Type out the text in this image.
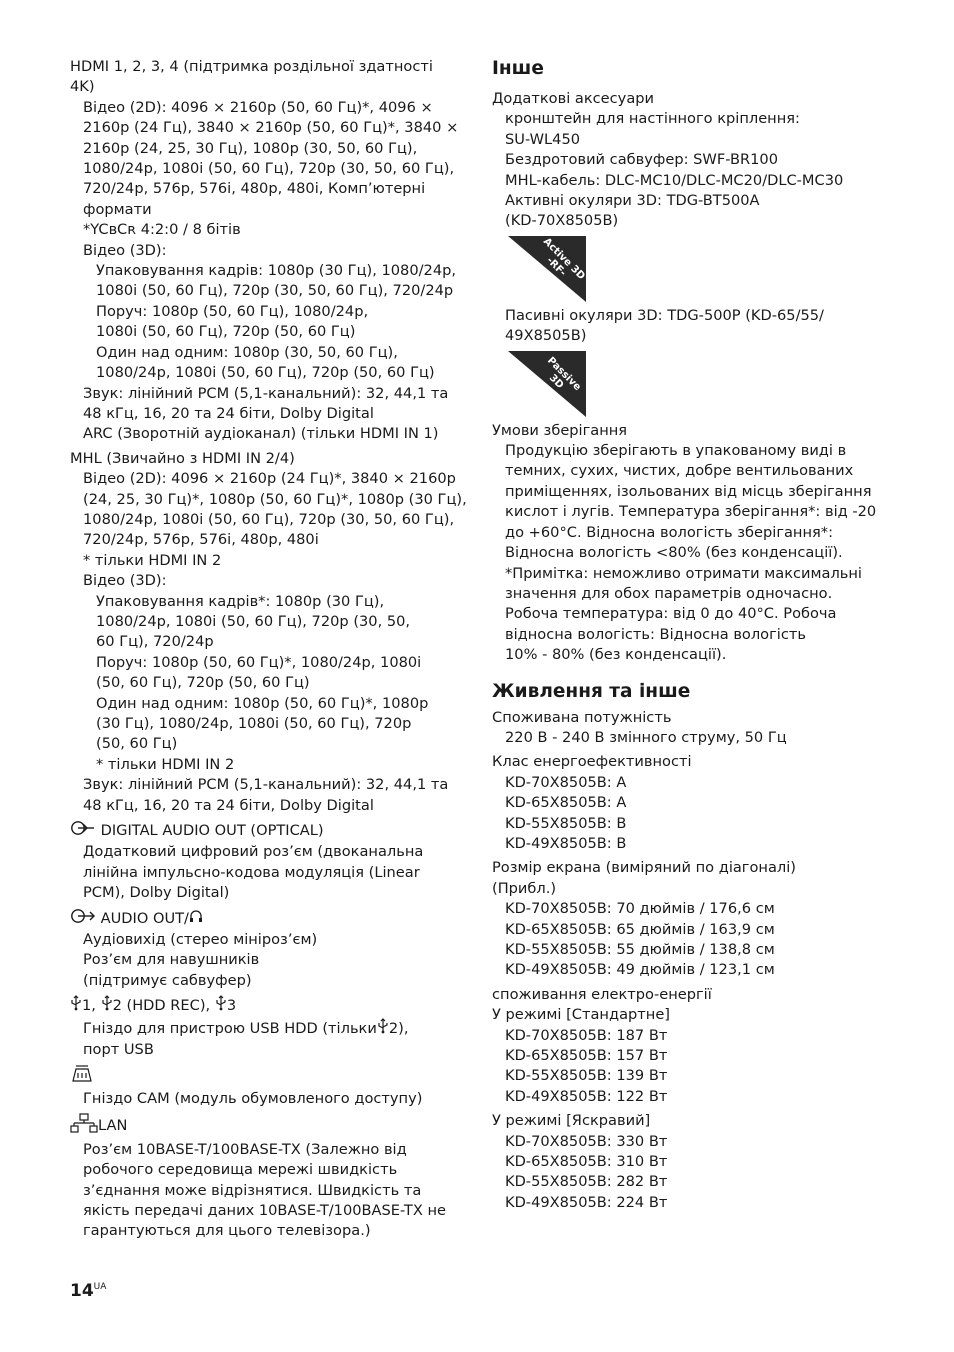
HDMI 1, 2, 3, 4 (підтримка роздільної здатності

4K)

Відео (2D): 4096 × 2160p (50, 60 Гц)*, 4096 ×

2160p (24 Гц), 3840 × 2160p (50, 60 Гц)*, 3840 ×

2160p (24, 25, 30 Гц), 1080p (30, 50, 60 Гц),

1080/24p, 1080i (50, 60 Гц), 720p (30, 50, 60 Гц),

720/24p, 576p, 576i, 480p, 480i, Комп’ютерні

формати

*YCʙCʀ 4:2:0 / 8 бітів

Відео (3D):

Упаковування кадрів: 1080p (30 Гц), 1080/24p,

1080i (50, 60 Гц), 720p (30, 50, 60 Гц), 720/24p

Поруч: 1080p (50, 60 Гц), 1080/24p,

1080i (50, 60 Гц), 720p (50, 60 Гц)

Один над одним: 1080p (30, 50, 60 Гц),

1080/24p, 1080i (50, 60 Гц), 720p (50, 60 Гц)

Звук: лінійний PCM (5,1-канальний): 32, 44,1 та

48 кГц, 16, 20 та 24 біти, Dolby Digital

ARC (Зворотній аудіоканал) (тільки HDMI IN 1)

MHL (Звичайно з HDMI IN 2/4)

Відео (2D): 4096 × 2160p (24 Гц)*, 3840 × 2160p

(24, 25, 30 Гц)*, 1080p (50, 60 Гц)*, 1080p (30 Гц),

1080/24p, 1080i (50, 60 Гц), 720p (30, 50, 60 Гц),

720/24p, 576p, 576i, 480p, 480i

* тільки HDMI IN 2

Відео (3D):

Упаковування кадрів*: 1080p (30 Гц),

1080/24p, 1080i (50, 60 Гц), 720p (30, 50,

60 Гц), 720/24p

Поруч: 1080p (50, 60 Гц)*, 1080/24p, 1080i

(50, 60 Гц), 720p (50, 60 Гц)

Один над одним: 1080p (50, 60 Гц)*, 1080p

(30 Гц), 1080/24p, 1080i (50, 60 Гц), 720p

(50, 60 Гц)

* тільки HDMI IN 2

Звук: лінійний PCM (5,1-канальний): 32, 44,1 та

48 кГц, 16, 20 та 24 біти, Dolby Digital

DIGITAL AUDIO OUT (OPTICAL)

Додатковий цифровий роз’єм (двоканальна

лінійна імпульсно-кодова модуляція (Linear

PCM), Dolby Digital)

AUDIO OUT/

Аудіовихід (стерео мініроз’єм)

Роз’єм для навушників

(підтримує сабвуфер)

1, 2 (HDD REC), 3

Гніздо для пристрою USB HDD (тільки 2),

порт USB

Гніздо CAM (модуль обумовленого доступу)

LAN

Роз’єм 10BASE-T/100BASE-TX (Залежно від

робочого середовища мережі швидкість

з’єднання може відрізнятися. Швидкість та

якість передачі даних 10BASE-T/100BASE-TX не

гарантуються для цього телевізора.)

Інше

Додаткові аксесуари

кронштейн для настінного кріплення:

SU-WL450

Бездротовий сабвуфер: SWF-BR100

MHL-кабель: DLC-MC10/DLC-MC20/DLC-MC30

Активні окуляри 3D: TDG-BT500A

(KD-70X8505B)

Active 3D -RF-

Пасивні окуляри 3D: TDG-500P (KD-65/55/

49X8505B)

Passive 3D

Умови зберігання

Продукцію зберігають в упакованому виді в

темних, сухих, чистих, добре вентильованих

приміщеннях, ізольованих від місць зберігання

кислот і лугів. Температура зберігання*: від -20

до +60°C. Відносна вологість зберігання*:

Відносна вологість <80% (без конденсації).

*Примітка: неможливо отримати максимальні

значення для обох параметрів одночасно.

Робоча температура: від 0 до 40°C. Робоча

відносна вологість: Відносна вологість

10% - 80% (без конденсації).

Живлення та інше

Споживана потужність

220 В - 240 В змінного струму, 50 Гц

Клас енергоефективності

KD-70X8505B: A

KD-65X8505B: A

KD-55X8505B: B

KD-49X8505B: B

Розмір екрана (виміряний по діагоналі)

(Прибл.)

KD-70X8505B: 70 дюймів / 176,6 см

KD-65X8505B: 65 дюймів / 163,9 см

KD-55X8505B: 55 дюймів / 138,8 см

KD-49X8505B: 49 дюймів / 123,1 см

споживання електро-енергії

У режимі [Стандартне]

KD-70X8505B: 187 Вт

KD-65X8505B: 157 Вт

KD-55X8505B: 139 Вт

KD-49X8505B: 122 Вт

У режимі [Яскравий]

KD-70X8505B: 330 Вт

KD-65X8505B: 310 Вт

KD-55X8505B: 282 Вт

KD-49X8505B: 224 Вт

$14^{UA}$
